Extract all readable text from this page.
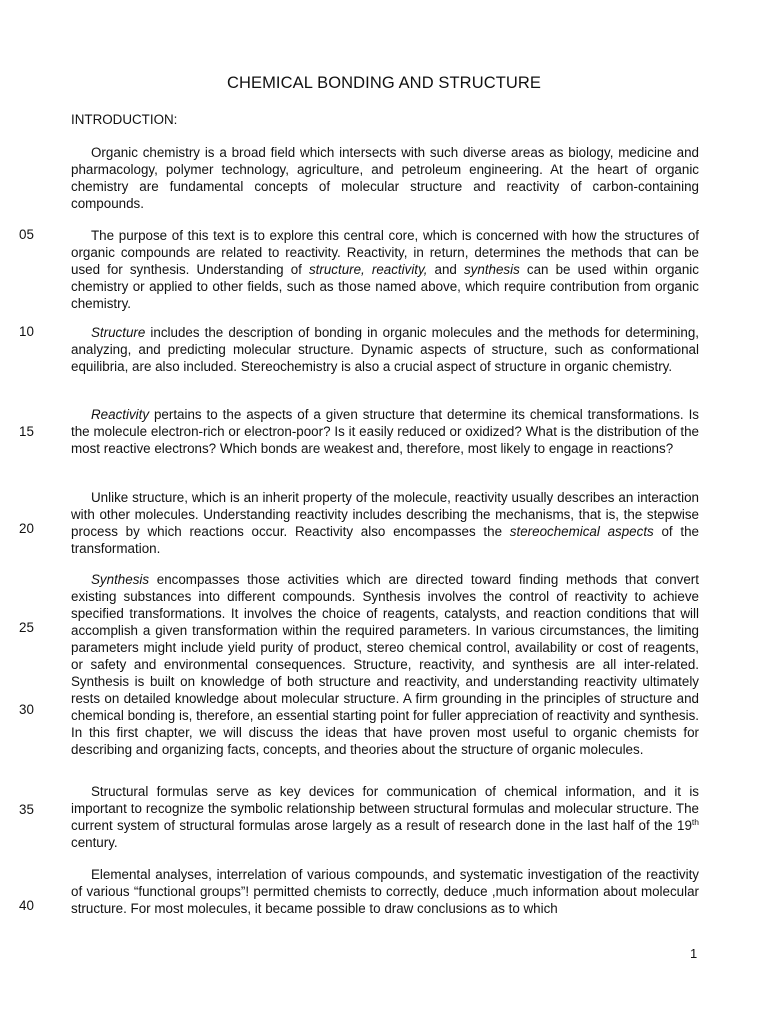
CHEMICAL BONDING AND STRUCTURE
INTRODUCTION:

Organic chemistry is a broad field which intersects with such diverse areas as biology, medicine and pharmacology, polymer technology, agriculture, and petroleum engineering. At the heart of organic chemistry are fundamental concepts of molecular structure and reactivity of carbon-containing compounds.

The purpose of this text is to explore this central core, which is concerned with how the structures of organic compounds are related to reactivity. Reactivity, in return, determines the methods that can be used for synthesis. Understanding of structure, reactivity, and synthesis can be used within organic chemistry or applied to other fields, such as those named above, which require contribution from organic chemistry.

Structure includes the description of bonding in organic molecules and the methods for determining, analyzing, and predicting molecular structure. Dynamic aspects of structure, such as conformational equilibria, are also included. Stereochemistry is also a crucial aspect of structure in organic chemistry.

Reactivity pertains to the aspects of a given structure that determine its chemical transformations. Is the molecule electron-rich or electron-poor? Is it easily reduced or oxidized? What is the distribution of the most reactive electrons? Which bonds are weakest and, therefore, most likely to engage in reactions?

Unlike structure, which is an inherit property of the molecule, reactivity usually describes an interaction with other molecules. Understanding reactivity includes describing the mechanisms, that is, the stepwise process by which reactions occur. Reactivity also encompasses the stereochemical aspects of the transformation.

Synthesis encompasses those activities which are directed toward finding methods that convert existing substances into different compounds. Synthesis involves the control of reactivity to achieve specified transformations. It involves the choice of reagents, catalysts, and reaction conditions that will accomplish a given transformation within the required parameters. In various circumstances, the limiting parameters might include yield purity of product, stereo chemical control, availability or cost of reagents, or safety and environmental consequences. Structure, reactivity, and synthesis are all inter-related. Synthesis is built on knowledge of both structure and reactivity, and understanding reactivity ultimately rests on detailed knowledge about molecular structure. A firm grounding in the principles of structure and chemical bonding is, therefore, an essential starting point for fuller appreciation of reactivity and synthesis. In this first chapter, we will discuss the ideas that have proven most useful to organic chemists for describing and organizing facts, concepts, and theories about the structure of organic molecules.

Structural formulas serve as key devices for communication of chemical information, and it is important to recognize the symbolic relationship between structural formulas and molecular structure. The current system of structural formulas arose largely as a result of research done in the last half of the 19th century.

Elemental analyses, interrelation of various compounds, and systematic investigation of the reactivity of various “functional groups”! permitted chemists to correctly, deduce ,much information about molecular structure. For most molecules, it became possible to draw conclusions as to which

05
10
15
20
25
30
35
40
1
